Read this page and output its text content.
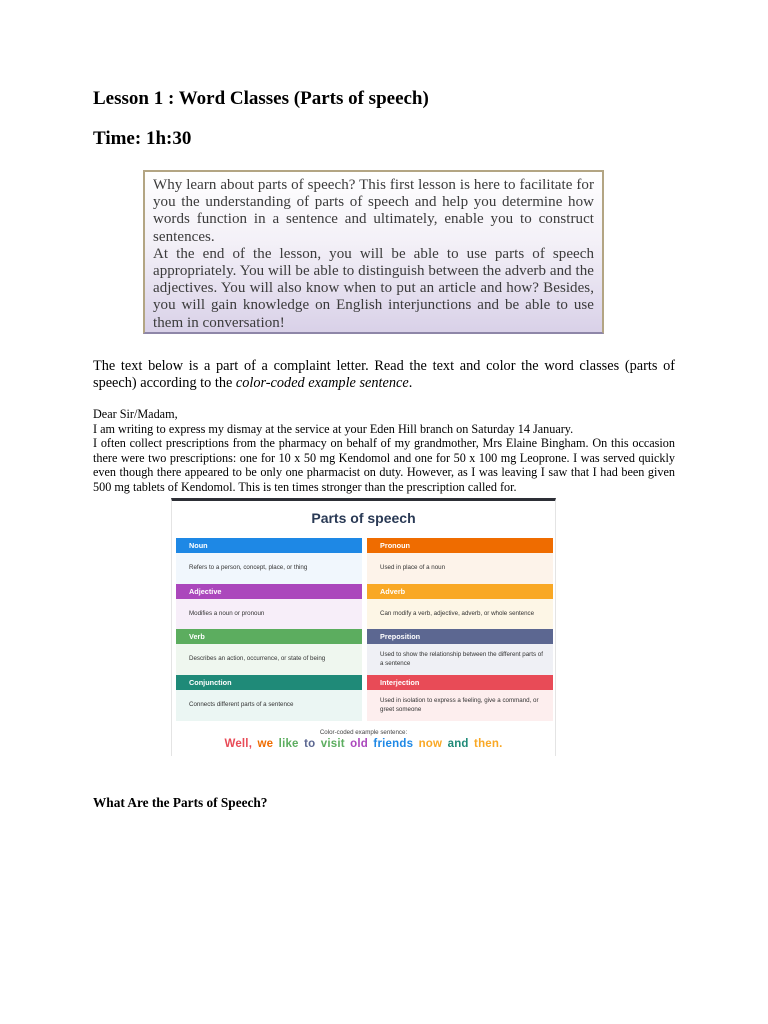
Lesson 1 : Word Classes (Parts of speech)
Time: 1h:30

Why learn about parts of speech? This first lesson is here to facilitate for you the understanding of parts of speech and help you determine how words function in a sentence and ultimately, enable you to construct sentences.

At the end of the lesson, you will be able to use parts of speech appropriately. You will be able to distinguish between the adverb and the adjectives. You will also know when to put an article and how? Besides, you will gain knowledge on English interjunctions and be able to use them in conversation!

The text below is a part of a complaint letter. Read the text and color the word classes (parts of speech) according to the color-coded example sentence.

Dear Sir/Madam,

I am writing to express my dismay at the service at your Eden Hill branch on Saturday 14 January.

I often collect prescriptions from the pharmacy on behalf of my grandmother, Mrs Elaine Bingham. On this occasion there were two prescriptions: one for 10 x 50 mg Kendomol and one for 50 x 100 mg Leoprone. I was served quickly even though there appeared to be only one pharmacist on duty. However, as I was leaving I saw that I had been given 500 mg tablets of Kendomol. This is ten times stronger than the prescription called for.

Parts of speech
Noun
Refers to a person, concept, place, or thing
Pronoun
Used in place of a noun
Adjective
Modifies a noun or pronoun
Adverb
Can modify a verb, adjective, adverb, or whole sentence
Verb
Describes an action, occurrence, or state of being
Preposition
Used to show the relationship between the different parts of a sentence
Conjunction
Connects different parts of a sentence
Interjection
Used in isolation to express a feeling, give a command, or greet someone
Color-coded example sentence:
Well, we like to visit old friends now and then.
What Are the Parts of Speech?
